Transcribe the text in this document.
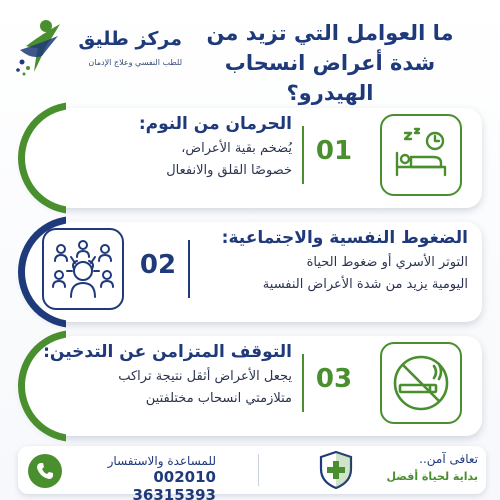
مركز طليق
للطب النفسي وعلاج الإدمان
ما العوامل التي تزيد من
شدة أعراض انسحاب الهيدرو؟
01
الحرمان من النوم:
يُضخم بقية الأعراض،
خصوصًا القلق والانفعال
02
الضغوط النفسية والاجتماعية:
التوتر الأسري أو ضغوط الحياة
اليومية يزيد من شدة الأعراض النفسية
03
التوقف المتزامن عن التدخين:
يجعل الأعراض أثقل نتيجة تراكب
متلازمتي انسحاب مختلفتين
للمساعدة والاستفسار
002010 36315393
تعافى آمن..
بداية لحياة أفضل
